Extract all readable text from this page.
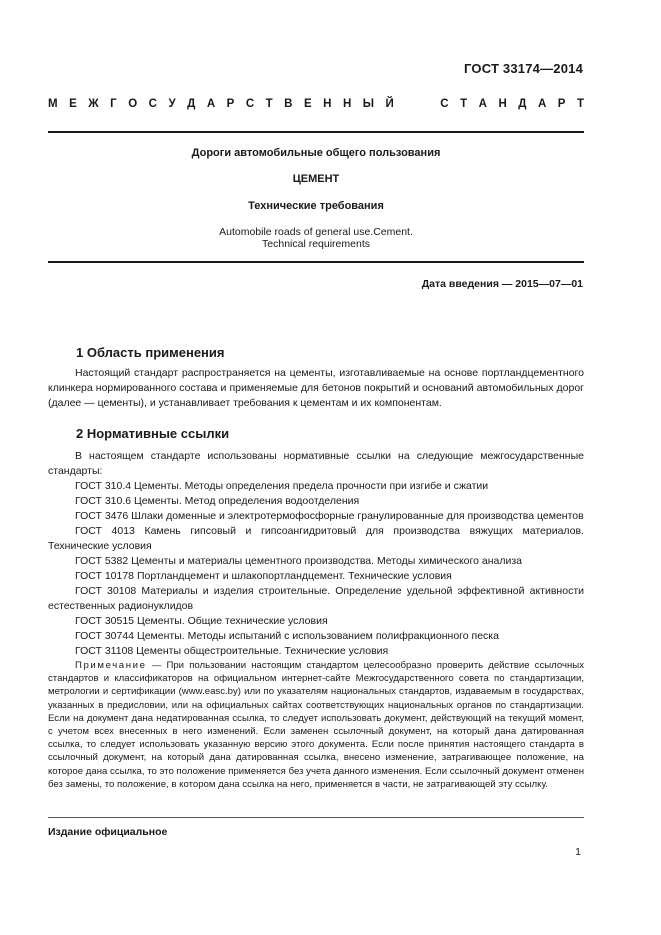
ГОСТ 33174—2014
М Е Ж Г О С У Д А Р С Т В Е Н Н Ы Й	С Т А Н Д А Р Т
Дороги автомобильные общего пользования
ЦЕМЕНТ
Технические требования
Automobile roads of general use.Cement.
Technical requirements
Дата введения — 2015—07—01
1 Область применения

Настоящий стандарт распространяется на цементы, изготавливаемые на основе портландцементного клинкера нормированного состава и применяемые для бетонов покрытий и оснований автомобильных дорог (далее — цементы), и устанавливает требования к цементам и их компонентам.

2 Нормативные ссылки

В настоящем стандарте использованы нормативные ссылки на следующие межгосударственные стандарты:

ГОСТ 310.4 Цементы. Методы определения предела прочности при изгибе и сжатии

ГОСТ 310.6 Цементы. Метод определения водоотделения

ГОСТ 3476 Шлаки доменные и электротермофосфорные гранулированные для производства цементов

ГОСТ 4013 Камень гипсовый и гипсоангидритовый для производства вяжущих материалов. Технические условия

ГОСТ 5382 Цементы и материалы цементного производства. Методы химического анализа

ГОСТ 10178 Портландцемент и шлакопортландцемент. Технические условия

ГОСТ 30108 Материалы и изделия строительные. Определение удельной эффективной активности естественных радионуклидов

ГОСТ 30515 Цементы. Общие технические условия

ГОСТ 30744 Цементы. Методы испытаний с использованием полифракционного песка

ГОСТ 31108 Цементы общестроительные. Технические условия

Примечание — При пользовании настоящим стандартом целесообразно проверить действие ссылочных стандартов и классификаторов на официальном интернет-сайте Межгосударственного совета по стандартизации, метрологии и сертификации (www.easc.by) или по указателям национальных стандартов, издаваемым в государствах, указанных в предисловии, или на официальных сайтах соответствующих национальных органов по стандартизации. Если на документ дана недатированная ссылка, то следует использовать документ, действующий на текущий момент, с учетом всех внесенных в него изменений. Если заменен ссылочный документ, на который дана датированная ссылка, то следует использовать указанную версию этого документа. Если после принятия настоящего стандарта в ссылочный документ, на который дана датированная ссылка, внесено изменение, затрагивающее положение, на которое дана ссылка, то это положение применяется без учета данного изменения. Если ссылочный документ отменен без замены, то положение, в котором дана ссылка на него, применяется в части, не затрагивающей эту ссылку.
Издание официальное
1
